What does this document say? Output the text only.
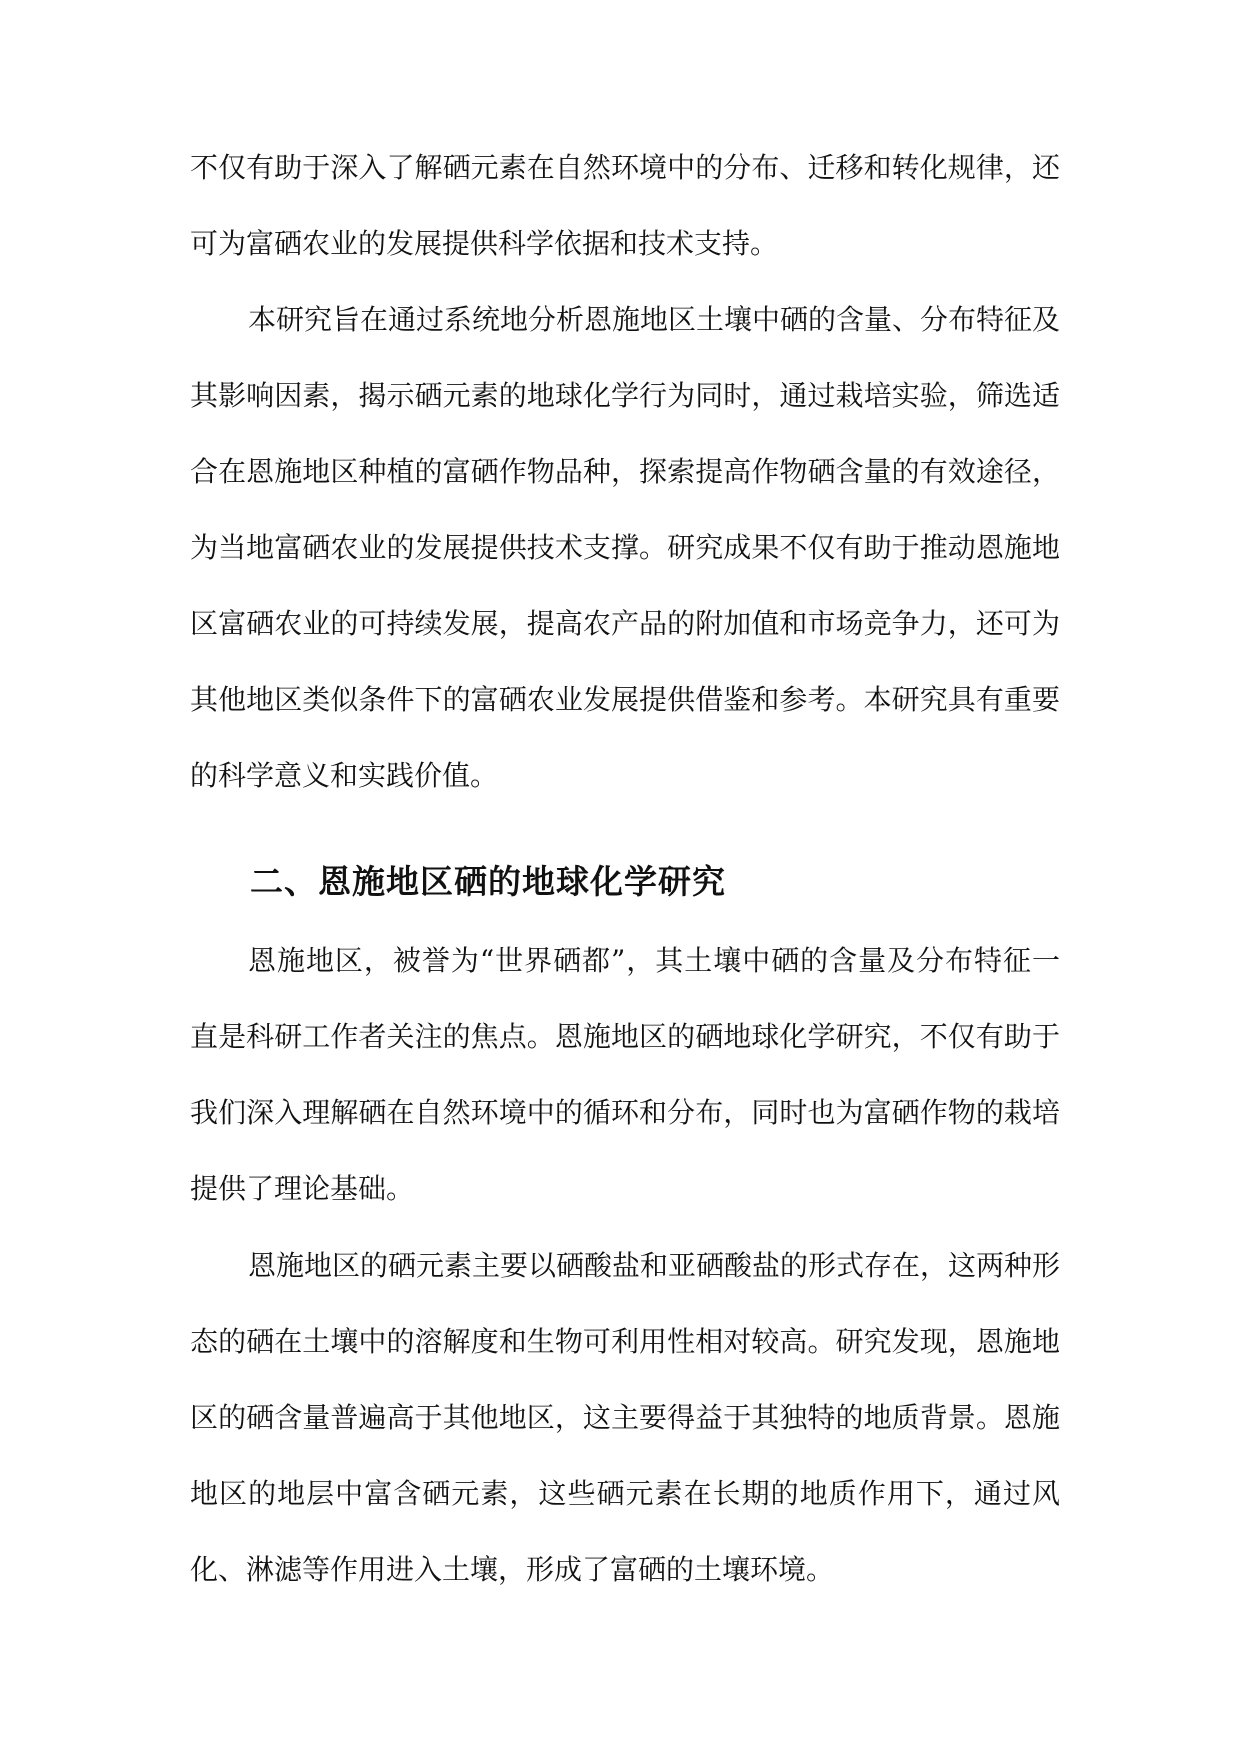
不仅有助于深入了解硒元素在自然环境中的分布、迁移和转化规律，还可为富硒农业的发展提供科学依据和技术支持。

本研究旨在通过系统地分析恩施地区土壤中硒的含量、分布特征及其影响因素，揭示硒元素的地球化学行为同时，通过栽培实验，筛选适合在恩施地区种植的富硒作物品种，探索提高作物硒含量的有效途径，为当地富硒农业的发展提供技术支撑。研究成果不仅有助于推动恩施地区富硒农业的可持续发展，提高农产品的附加值和市场竞争力，还可为其他地区类似条件下的富硒农业发展提供借鉴和参考。本研究具有重要的科学意义和实践价值。

二、恩施地区硒的地球化学研究

恩施地区，被誉为“世界硒都”，其土壤中硒的含量及分布特征一直是科研工作者关注的焦点。恩施地区的硒地球化学研究，不仅有助于我们深入理解硒在自然环境中的循环和分布，同时也为富硒作物的栽培提供了理论基础。

恩施地区的硒元素主要以硒酸盐和亚硒酸盐的形式存在，这两种形态的硒在土壤中的溶解度和生物可利用性相对较高。研究发现，恩施地区的硒含量普遍高于其他地区，这主要得益于其独特的地质背景。恩施地区的地层中富含硒元素，这些硒元素在长期的地质作用下，通过风化、淋滤等作用进入土壤，形成了富硒的土壤环境。
